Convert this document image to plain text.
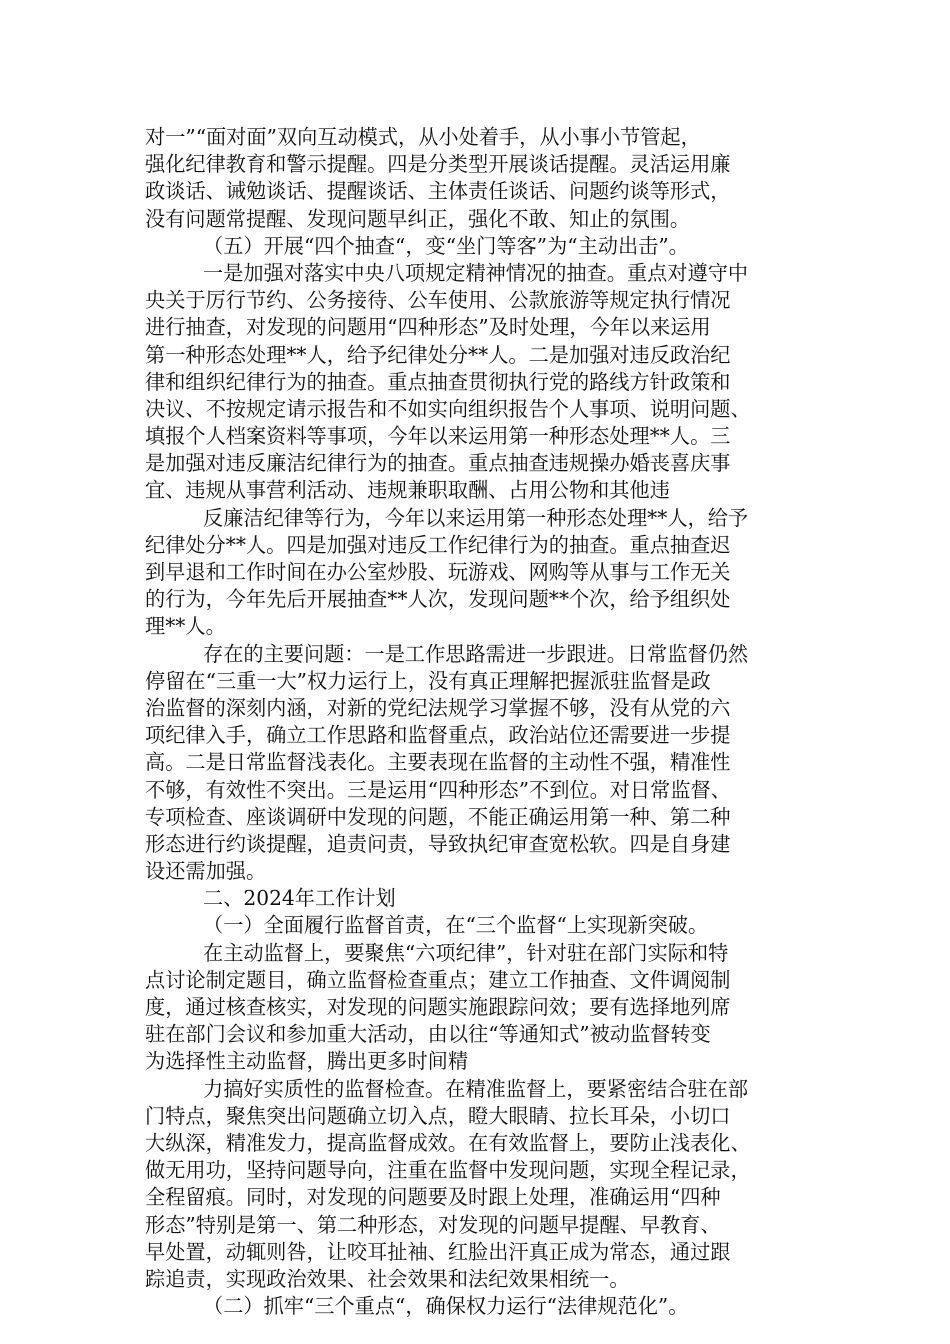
对一”“面对面”双向互动模式，从小处着手，从小事小节管起，
强化纪律教育和警示提醒。四是分类型开展谈话提醒。灵活运用廉
政谈话、诫勉谈话、提醒谈话、主体责任谈话、问题约谈等形式，
没有问题常提醒、发现问题早纠正，强化不敢、知止的氛围。
（五）开展“四个抽查“，变“坐门等客”为“主动出击”。
一是加强对落实中央八项规定精神情况的抽查。重点对遵守中
央关于厉行节约、公务接待、公车使用、公款旅游等规定执行情况
进行抽查，对发现的问题用“四种形态”及时处理，今年以来运用
第一种形态处理**人，给予纪律处分**人。二是加强对违反政治纪
律和组织纪律行为的抽查。重点抽查贯彻执行党的路线方针政策和
决议、不按规定请示报告和不如实向组织报告个人事项、说明问题、
填报个人档案资料等事项，今年以来运用第一种形态处理**人。三
是加强对违反廉洁纪律行为的抽查。重点抽查违规操办婚丧喜庆事
宜、违规从事营利活动、违规兼职取酬、占用公物和其他违
反廉洁纪律等行为，今年以来运用第一种形态处理**人，给予
纪律处分**人。四是加强对违反工作纪律行为的抽查。重点抽查迟
到早退和工作时间在办公室炒股、玩游戏、网购等从事与工作无关
的行为，今年先后开展抽查**人次，发现问题**个次，给予组织处
理**人。
存在的主要问题：一是工作思路需进一步跟进。日常监督仍然
停留在“三重一大”权力运行上，没有真正理解把握派驻监督是政
治监督的深刻内涵，对新的党纪法规学习掌握不够，没有从党的六
项纪律入手，确立工作思路和监督重点，政治站位还需要进一步提
高。二是日常监督浅表化。主要表现在监督的主动性不强，精准性
不够，有效性不突出。三是运用“四种形态”不到位。对日常监督、
专项检查、座谈调研中发现的问题，不能正确运用第一种、第二种
形态进行约谈提醒，追责问责，导致执纪审查宽松软。四是自身建
设还需加强。
二、2024年工作计划
（一）全面履行监督首责，在“三个监督“上实现新突破。
在主动监督上，要聚焦“六项纪律”，针对驻在部门实际和特
点讨论制定题目，确立监督检查重点；建立工作抽查、文件调阅制
度，通过核查核实，对发现的问题实施跟踪问效；要有选择地列席
驻在部门会议和参加重大活动，由以往“等通知式”被动监督转变
为选择性主动监督，腾出更多时间精
力搞好实质性的监督检查。在精准监督上，要紧密结合驻在部
门特点，聚焦突出问题确立切入点，瞪大眼睛、拉长耳朵，小切口
大纵深，精准发力，提高监督成效。在有效监督上，要防止浅表化、
做无用功，坚持问题导向，注重在监督中发现问题，实现全程记录，
全程留痕。同时，对发现的问题要及时跟上处理，准确运用“四种
形态”特别是第一、第二种形态，对发现的问题早提醒、早教育、
早处置，动辄则咎，让咬耳扯袖、红脸出汗真正成为常态，通过跟
踪追责，实现政治效果、社会效果和法纪效果相统一。
（二）抓牢“三个重点“，确保权力运行“法律规范化”。
